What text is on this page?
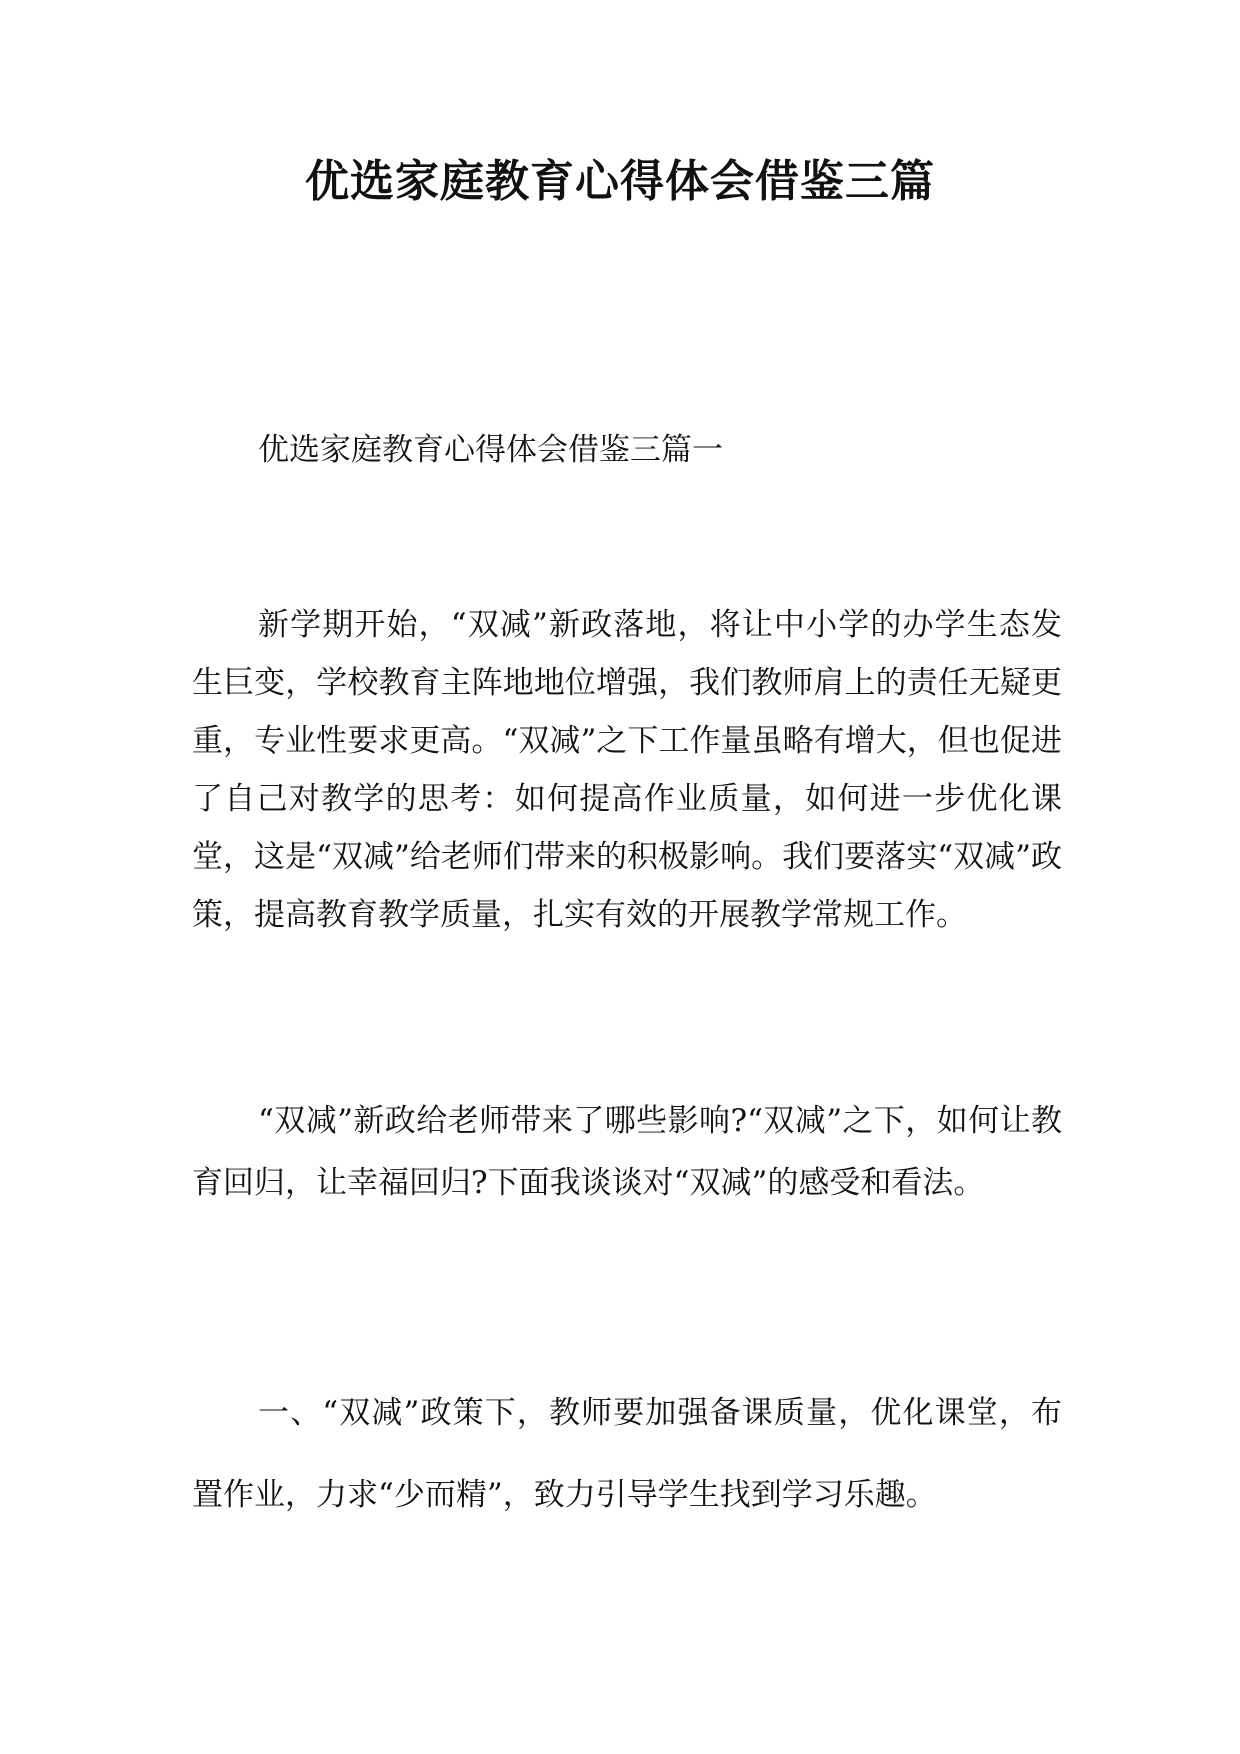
优选家庭教育心得体会借鉴三篇

优选家庭教育心得体会借鉴三篇一

新学期开始，“双减”新政落地，将让中小学的办学生态发生巨变，学校教育主阵地地位增强，我们教师肩上的责任无疑更重，专业性要求更高。“双减”之下工作量虽略有增大，但也促进了自己对教学的思考：如何提高作业质量，如何进一步优化课堂，这是“双减”给老师们带来的积极影响。我们要落实“双减”政策，提高教育教学质量，扎实有效的开展教学常规工作。

“双减”新政给老师带来了哪些影响?“双减”之下，如何让教育回归，让幸福回归?下面我谈谈对“双减”的感受和看法。

一、“双减”政策下，教师要加强备课质量，优化课堂，布置作业，力求“少而精”，致力引导学生找到学习乐趣。
